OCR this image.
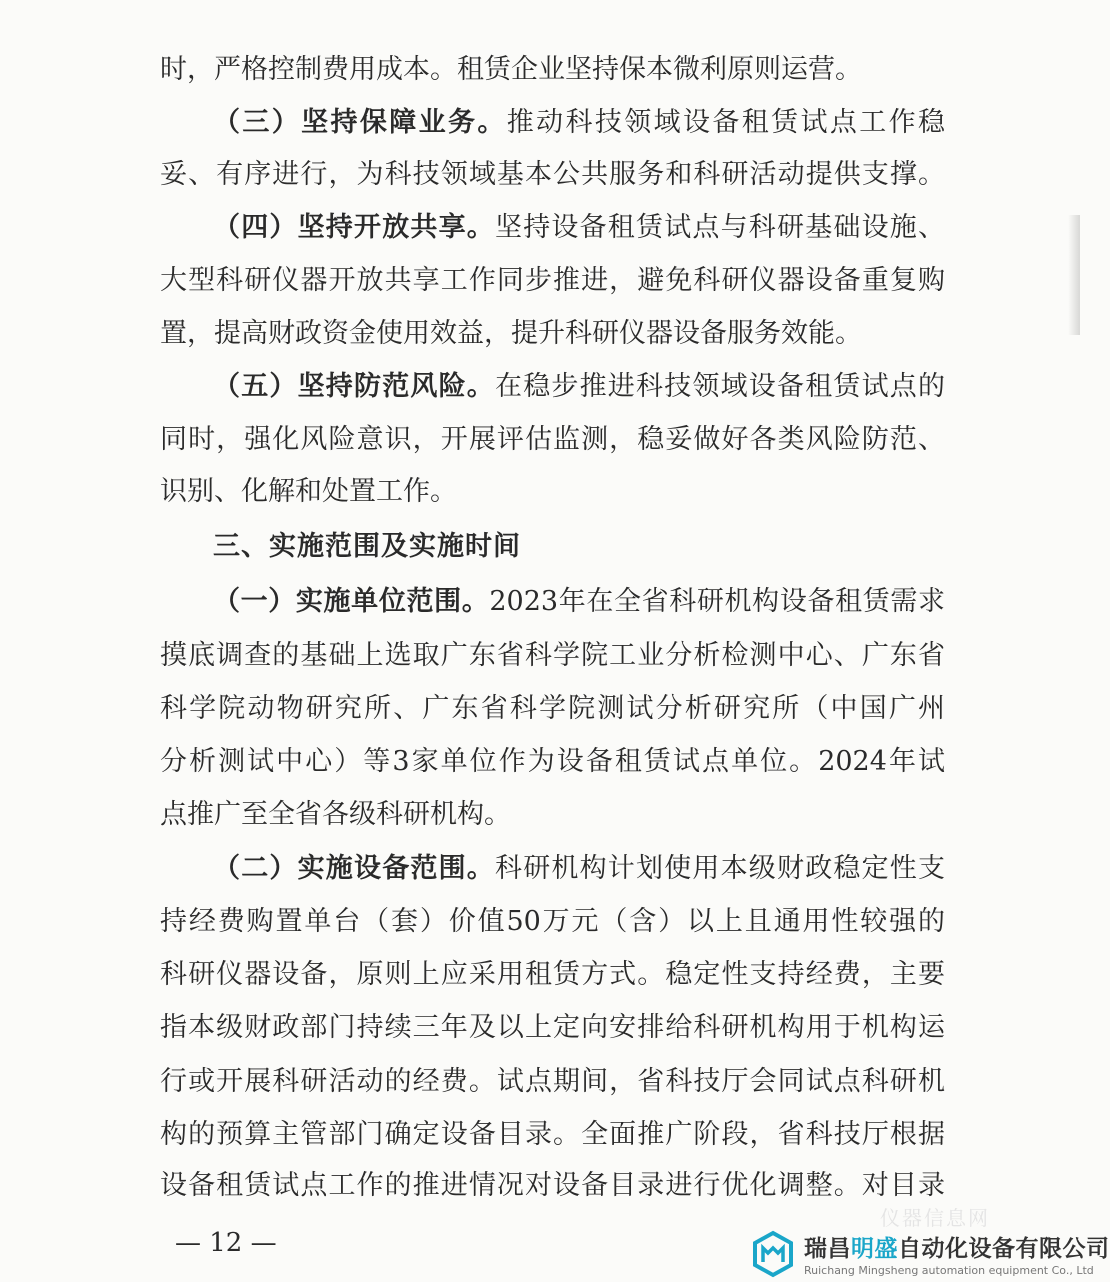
时，严格控制费用成本。租赁企业坚持保本微利原则运营。
（三）坚持保障业务。推动科技领域设备租赁试点工作稳
妥、有序进行，为科技领域基本公共服务和科研活动提供支撑。
（四）坚持开放共享。坚持设备租赁试点与科研基础设施、
大型科研仪器开放共享工作同步推进，避免科研仪器设备重复购
置，提高财政资金使用效益，提升科研仪器设备服务效能。
（五）坚持防范风险。在稳步推进科技领域设备租赁试点的
同时，强化风险意识，开展评估监测，稳妥做好各类风险防范、
识别、化解和处置工作。
三、实施范围及实施时间
（一）实施单位范围。2023年在全省科研机构设备租赁需求
摸底调查的基础上选取广东省科学院工业分析检测中心、广东省
科学院动物研究所、广东省科学院测试分析研究所（中国广州
分析测试中心）等3家单位作为设备租赁试点单位。2024年试
点推广至全省各级科研机构。
（二）实施设备范围。科研机构计划使用本级财政稳定性支
持经费购置单台（套）价值50万元（含）以上且通用性较强的
科研仪器设备，原则上应采用租赁方式。稳定性支持经费，主要
指本级财政部门持续三年及以上定向安排给科研机构用于机构运
行或开展科研活动的经费。试点期间，省科技厅会同试点科研机
构的预算主管部门确定设备目录。全面推广阶段，省科技厅根据
设备租赁试点工作的推进情况对设备目录进行优化调整。对目录
— 12 —
仪器信息网
瑞昌明盛自动化设备有限公司
Ruichang Mingsheng automation equipment Co., Ltd
